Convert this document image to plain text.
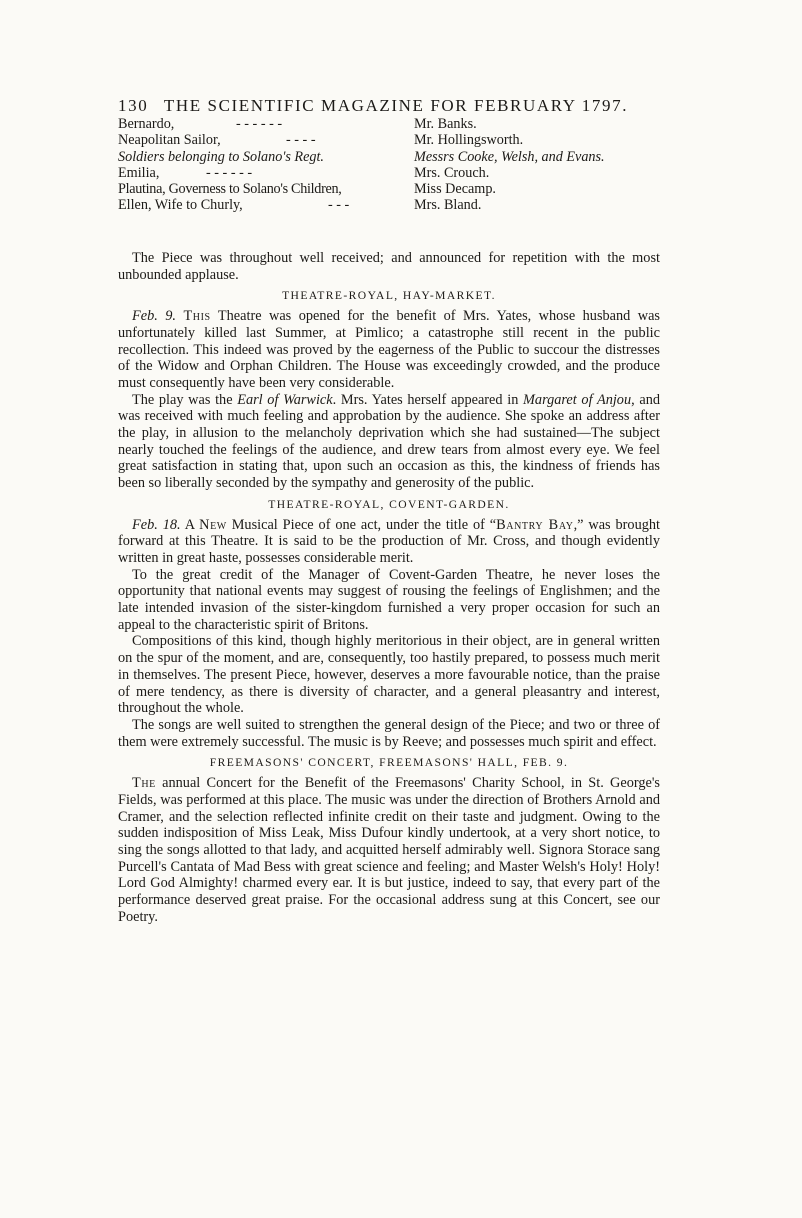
130 THE SCIENTIFIC MAGAZINE FOR FEBRUARY 1797.
Bernardo,	- - - - - -	Mr. Banks.
Neapolitan Sailor,	- - - -	Mr. Hollingsworth.
Soldiers belonging to Solano's Regt.	Messrs Cooke, Welsh, and Evans.
Emilia,	- - - - - -	Mrs. Crouch.
Plautina, Governess to Solano's Children,	Miss Decamp.
Ellen, Wife to Churly,	- - -	Mrs. Bland.

The Piece was throughout well received; and announced for repetition with the most unbounded applause.

THEATRE-ROYAL, HAY-MARKET.

Feb. 9. This Theatre was opened for the benefit of Mrs. Yates, whose husband was unfortunately killed last Summer, at Pimlico; a catastrophe still recent in the public recollection. This indeed was proved by the eagerness of the Public to succour the distresses of the Widow and Orphan Children. The House was exceedingly crowded, and the produce must consequently have been very considerable.

The play was the Earl of Warwick. Mrs. Yates herself appeared in Margaret of Anjou, and was received with much feeling and approbation by the audience. She spoke an address after the play, in allusion to the melancholy deprivation which she had sustained—The subject nearly touched the feelings of the audience, and drew tears from almost every eye. We feel great satisfaction in stating that, upon such an occasion as this, the kindness of friends has been so liberally seconded by the sympathy and generosity of the public.

THEATRE-ROYAL, COVENT-GARDEN.

Feb. 18. A New Musical Piece of one act, under the title of “Bantry Bay,” was brought forward at this Theatre. It is said to be the production of Mr. Cross, and though evidently written in great haste, possesses considerable merit.

To the great credit of the Manager of Covent-Garden Theatre, he never loses the opportunity that national events may suggest of rousing the feelings of Englishmen; and the late intended invasion of the sister-kingdom furnished a very proper occasion for such an appeal to the characteristic spirit of Britons.

Compositions of this kind, though highly meritorious in their object, are in general written on the spur of the moment, and are, consequently, too hastily prepared, to possess much merit in themselves. The present Piece, however, deserves a more favourable notice, than the praise of mere tendency, as there is diversity of character, and a general pleasantry and interest, throughout the whole.

The songs are well suited to strengthen the general design of the Piece; and two or three of them were extremely successful. The music is by Reeve; and possesses much spirit and effect.

FREEMASONS' CONCERT, FREEMASONS' HALL, FEB. 9.

The annual Concert for the Benefit of the Freemasons' Charity School, in St. George's Fields, was performed at this place. The music was under the direction of Brothers Arnold and Cramer, and the selection reflected infinite credit on their taste and judgment. Owing to the sudden indisposition of Miss Leak, Miss Dufour kindly undertook, at a very short notice, to sing the songs allotted to that lady, and acquitted herself admirably well. Signora Storace sang Purcell's Cantata of Mad Bess with great science and feeling; and Master Welsh's Holy! Holy! Lord God Almighty! charmed every ear. It is but justice, indeed to say, that every part of the performance deserved great praise. For the occasional address sung at this Concert, see our Poetry.
